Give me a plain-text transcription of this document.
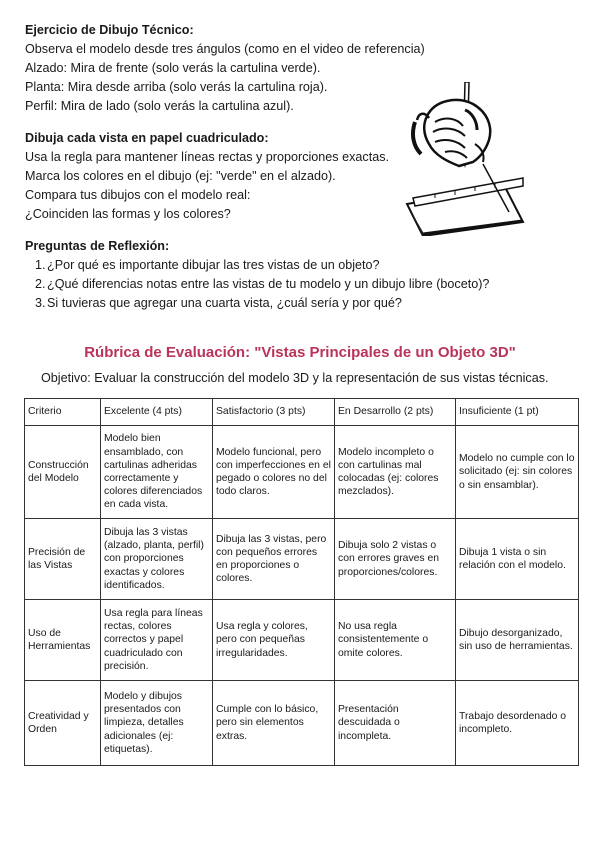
Ejercicio de Dibujo Técnico:
Observa el modelo desde tres ángulos (como en el video de referencia)
Alzado: Mira de frente (solo verás la cartulina verde).
Planta: Mira desde arriba (solo verás la cartulina roja).
Perfil: Mira de lado (solo verás la cartulina azul).
Dibuja cada vista en papel cuadriculado:
Usa la regla para mantener líneas rectas y proporciones exactas.
Marca los colores en el dibujo (ej: "verde" en el alzado).
Compara tus dibujos con el modelo real:
¿Coinciden las formas y los colores?
Preguntas de Reflexión:
1.¿Por qué es importante dibujar las tres vistas de un objeto?
2.¿Qué diferencias notas entre las vistas de tu modelo y un dibujo libre (boceto)?
3.Si tuvieras que agregar una cuarta vista, ¿cuál sería y por qué?
Rúbrica de Evaluación: "Vistas Principales de un Objeto 3D"
Objetivo: Evaluar la construcción del modelo 3D y la representación de sus vistas técnicas.
Criterio	Excelente (4 pts)	Satisfactorio (3 pts)	En Desarrollo (2 pts)	Insuficiente (1 pt)
Construcción del Modelo	Modelo bien ensamblado, con cartulinas adheridas correctamente y colores diferenciados en cada vista.	Modelo funcional, pero con imperfecciones en el pegado o colores no del todo claros.	Modelo incompleto o con cartulinas mal colocadas (ej: colores mezclados).	Modelo no cumple con lo solicitado (ej: sin colores o sin ensamblar).
Precisión de las Vistas	Dibuja las 3 vistas (alzado, planta, perfil) con proporciones exactas y colores identificados.	Dibuja las 3 vistas, pero con pequeños errores en proporciones o colores.	Dibuja solo 2 vistas o con errores graves en proporciones/colores.	Dibuja 1 vista o sin relación con el modelo.
Uso de Herramientas	Usa regla para líneas rectas, colores correctos y papel cuadriculado con precisión.	Usa regla y colores, pero con pequeñas irregularidades.	No usa regla consistentemente o omite colores.	Dibujo desorganizado, sin uso de herramientas.
Creatividad y Orden	Modelo y dibujos presentados con limpieza, detalles adicionales (ej: etiquetas).	Cumple con lo básico, pero sin elementos extras.	Presentación descuidada o incompleta.	Trabajo desordenado o incompleto.
